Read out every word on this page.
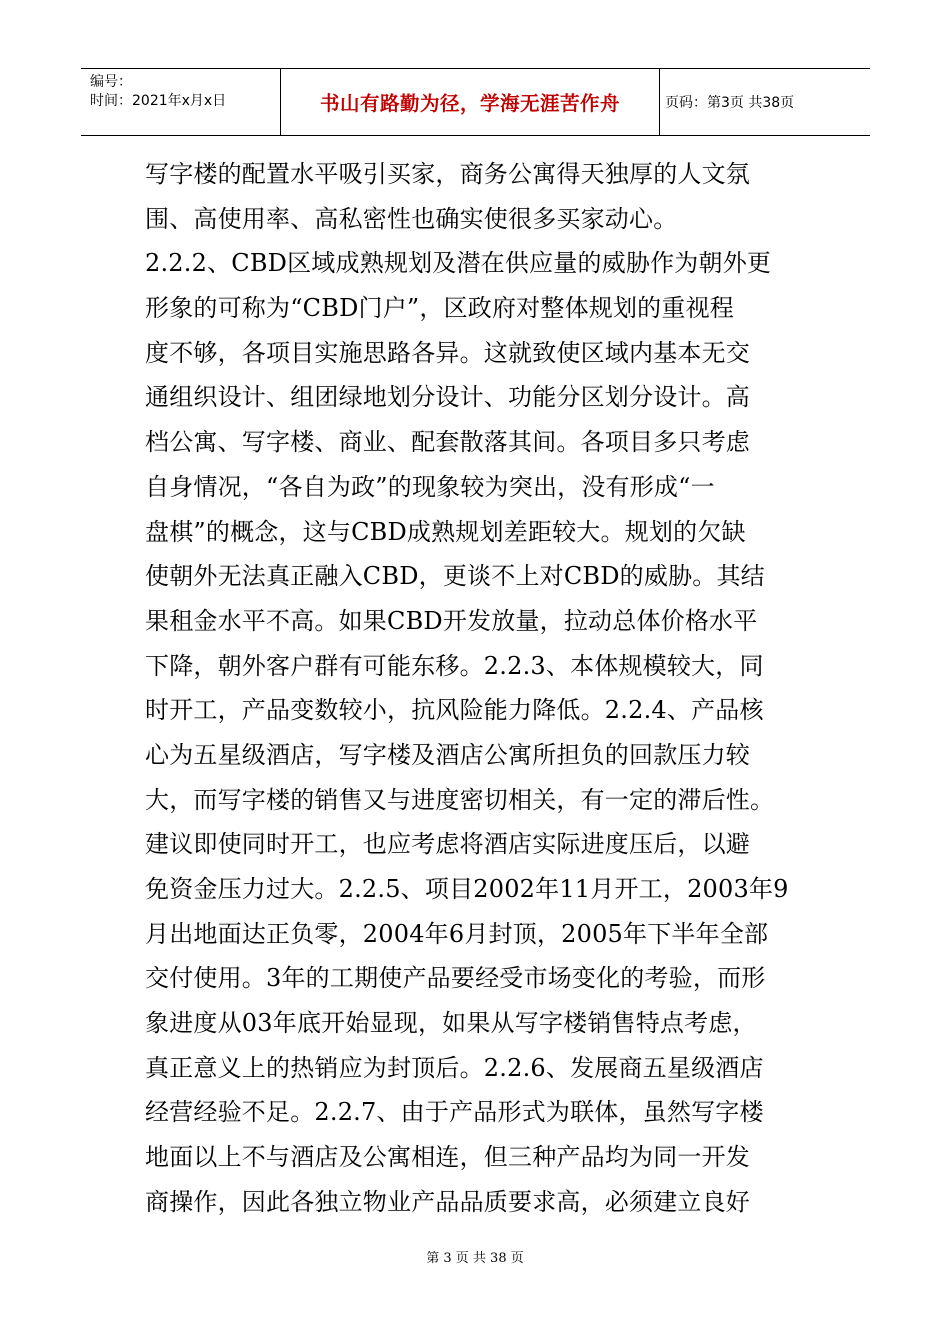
编号：
时间：2021年x月x日	书山有路勤为径，学海无涯苦作舟	页码：第3页 共38页
写字楼的配置水平吸引买家，商务公寓得天独厚的人文氛
围、高使用率、高私密性也确实使很多买家动心。
2.2.2、CBD区域成熟规划及潜在供应量的威胁作为朝外更
形象的可称为“CBD门户”，区政府对整体规划的重视程
度不够，各项目实施思路各异。这就致使区域内基本无交
通组织设计、组团绿地划分设计、功能分区划分设计。高
档公寓、写字楼、商业、配套散落其间。各项目多只考虑
自身情况，“各自为政”的现象较为突出，没有形成“一
盘棋”的概念，这与CBD成熟规划差距较大。规划的欠缺
使朝外无法真正融入CBD，更谈不上对CBD的威胁。其结
果租金水平不高。如果CBD开发放量，拉动总体价格水平
下降，朝外客户群有可能东移。2.2.3、本体规模较大，同
时开工，产品变数较小，抗风险能力降低。2.2.4、产品核
心为五星级酒店，写字楼及酒店公寓所担负的回款压力较
大，而写字楼的销售又与进度密切相关，有一定的滞后性。
建议即使同时开工，也应考虑将酒店实际进度压后，以避
免资金压力过大。2.2.5、项目2002年11月开工，2003年9
月出地面达正负零，2004年6月封顶，2005年下半年全部
交付使用。3年的工期使产品要经受市场变化的考验，而形
象进度从03年底开始显现，如果从写字楼销售特点考虑，
真正意义上的热销应为封顶后。2.2.6、发展商五星级酒店
经营经验不足。2.2.7、由于产品形式为联体，虽然写字楼
地面以上不与酒店及公寓相连，但三种产品均为同一开发
商操作，因此各独立物业产品品质要求高，必须建立良好
第 3 页 共 38 页
